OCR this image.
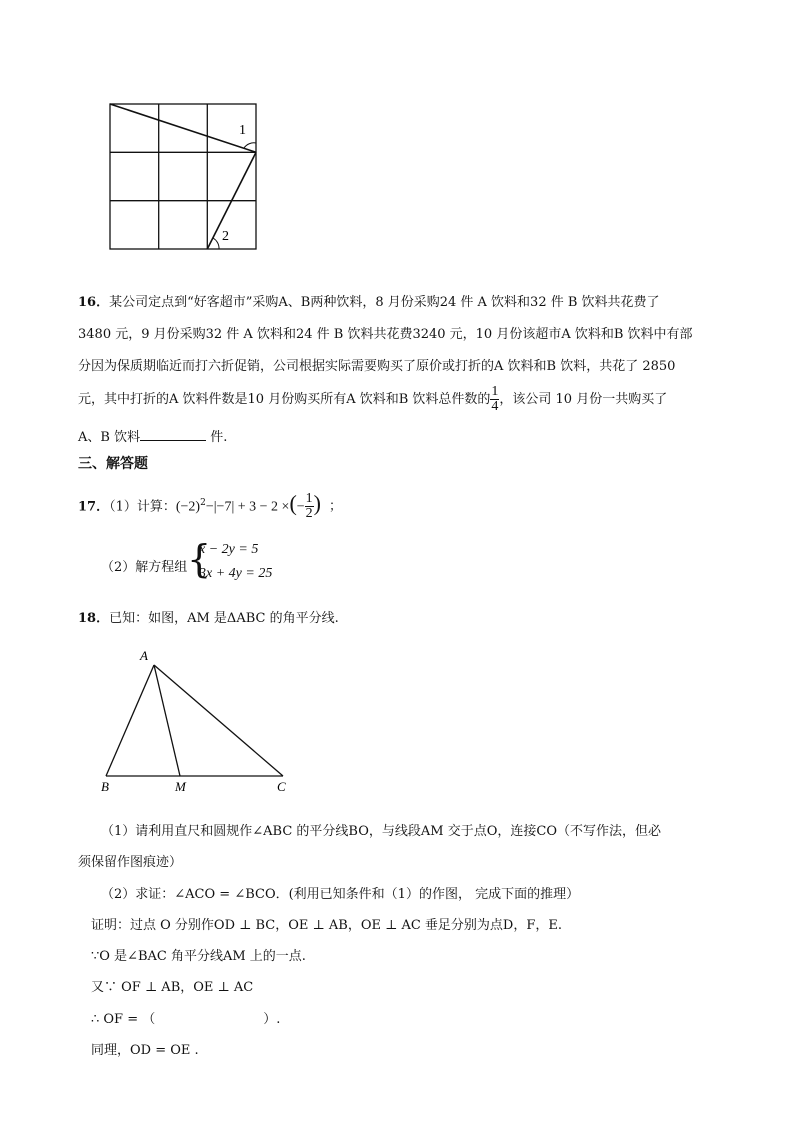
1
2
16．某公司定点到“好客超市”采购A、B两种饮料，8 月份采购24 件 A 饮料和32 件 B 饮料共花费了
3480 元，9 月份采购32 件 A 饮料和24 件 B 饮料共花费3240 元，10 月份该超市A 饮料和B 饮料中有部
分因为保质期临近而打六折促销，公司根据实际需要购买了原价或打折的A 饮料和B 饮料，共花了 2850
元，其中打折的A 饮料件数是10 月份购买所有A 饮料和B 饮料总件数的 $\frac{1}{4}$ ，该公司 10 月份一共购买了
A、B 饮料	件.
三、解答题
17．（1）计算：$(-2)^2-|-7| + 3 - 2$ ×(− $\frac{1}{2}$ ) ；
（2）解方程组 {
x − 2y = 5
3x + 4y = 25
18．已知：如图，AM 是ΔABC 的角平分线.
A
B	M	C
（1）请利用直尺和圆规作∠ABC 的平分线BO，与线段AM 交于点O，连接CO（不写作法，但必
须保留作图痕迹）
（2）求证：∠ACO = ∠BCO．(利用已知条件和（1）的作图， 完成下面的推理）
证明：过点 O 分别作OD ⊥ BC，OE ⊥ AB，OE ⊥ AC 垂足分别为点D，F，E.
∵O 是∠BAC 角平分线AM 上的一点.
又∵ OF ⊥ AB，OE ⊥ AC
∴ OF = （	）.
同理，OD = OE .
